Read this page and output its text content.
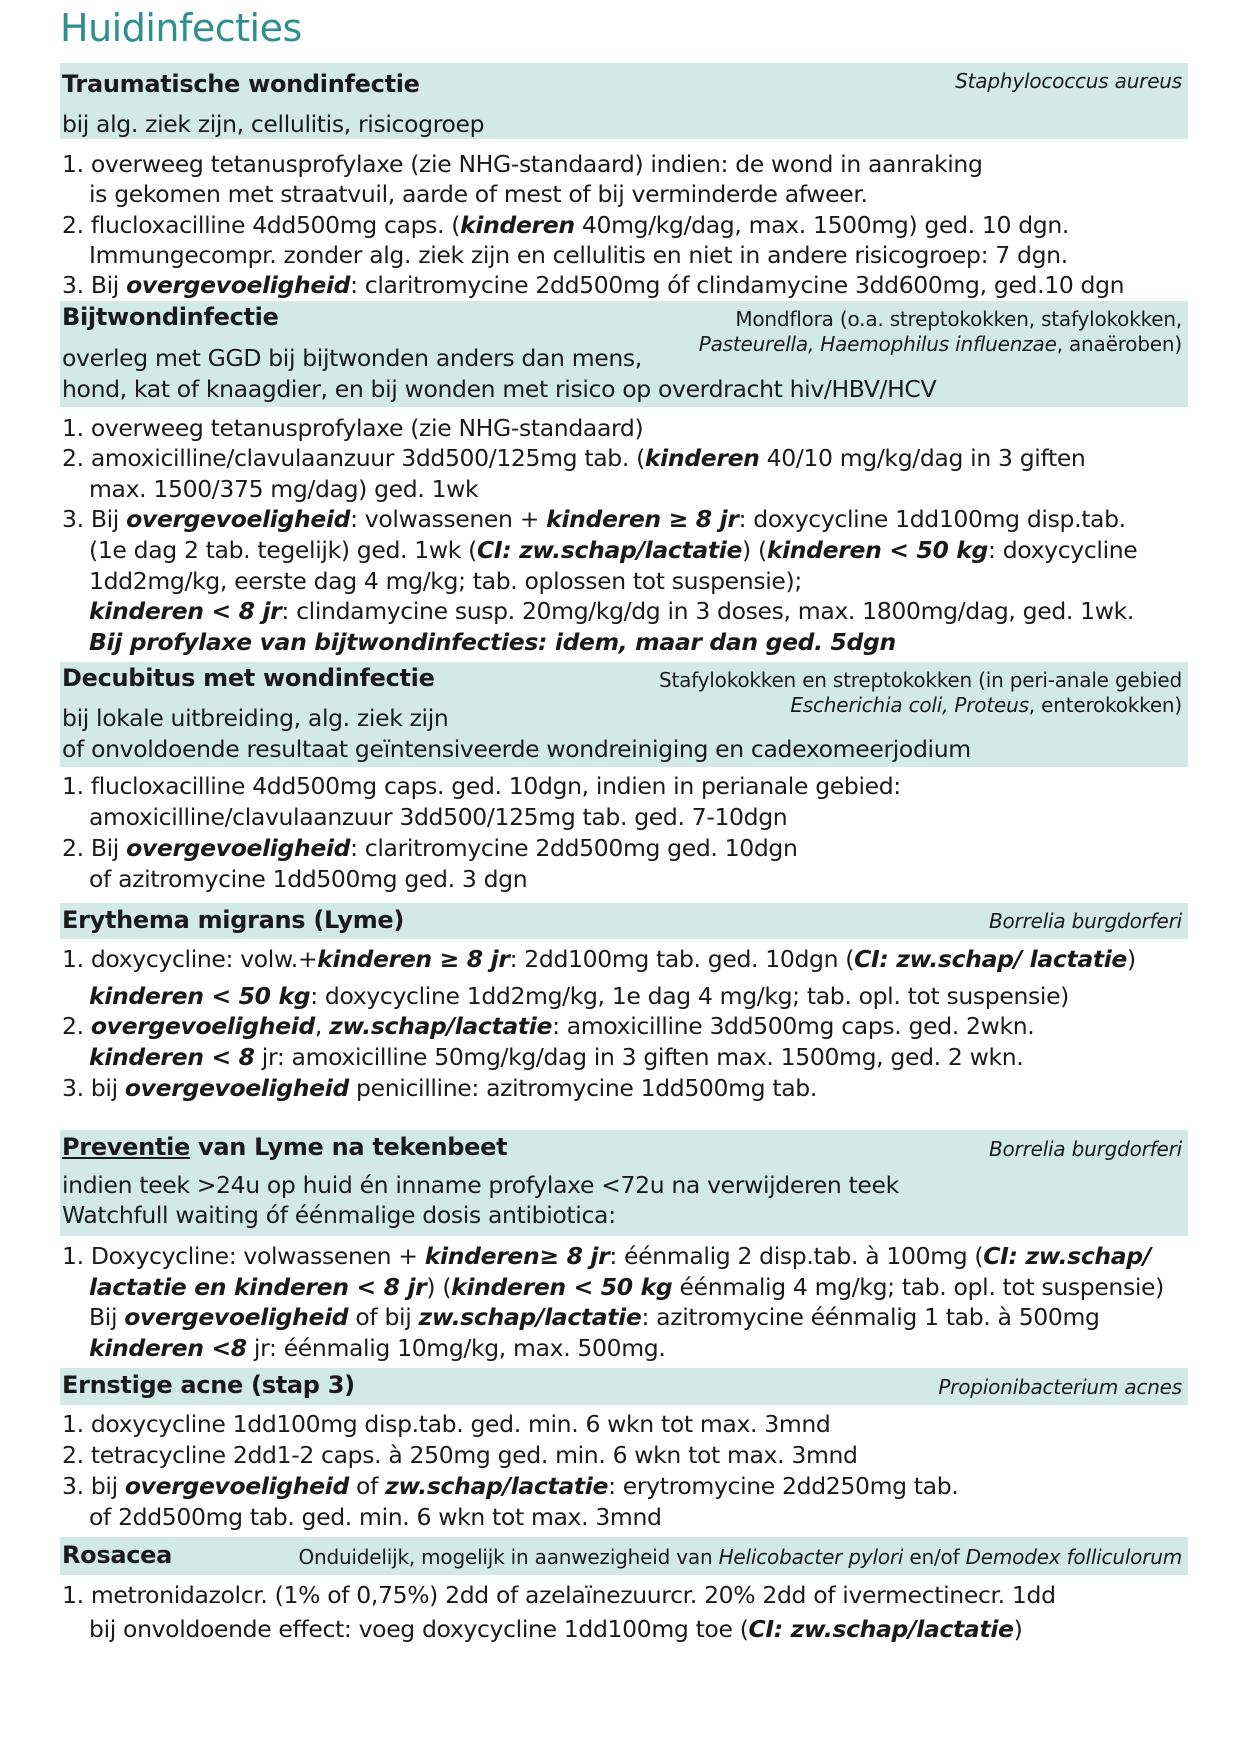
Huidinfecties
Traumatische wondinfectie	Staphylococcus aureus
bij alg. ziek zijn, cellulitis, risicogroep
1. overweeg tetanusprofylaxe (zie NHG-standaard) indien: de wond in aanraking
is gekomen met straatvuil, aarde of mest of bij verminderde afweer.
2. flucloxacilline 4dd500mg caps. (kinderen 40mg/kg/dag, max. 1500mg) ged. 10 dgn.
Immungecompr. zonder alg. ziek zijn en cellulitis en niet in andere risicogroep: 7 dgn.
3. Bij overgevoeligheid: claritromycine 2dd500mg óf clindamycine 3dd600mg, ged.10 dgn
Bijtwondinfectie	Mondflora (o.a. streptokokken, stafylokokken,
Pasteurella, Haemophilus influenzae, anaëroben)
overleg met GGD bij bijtwonden anders dan mens,
hond, kat of knaagdier, en bij wonden met risico op overdracht hiv/HBV/HCV
1. overweeg tetanusprofylaxe (zie NHG-standaard)
2. amoxicilline/clavulaanzuur 3dd500/125mg tab. (kinderen 40/10 mg/kg/dag in 3 giften
max. 1500/375 mg/dag) ged. 1wk
3. Bij overgevoeligheid: volwassenen + kinderen ≥ 8 jr: doxycycline 1dd100mg disp.tab.
(1e dag 2 tab. tegelijk) ged. 1wk (CI: zw.schap/lactatie) (kinderen < 50 kg: doxycycline
1dd2mg/kg, eerste dag 4 mg/kg; tab. oplossen tot suspensie);
kinderen < 8 jr: clindamycine susp. 20mg/kg/dg in 3 doses, max. 1800mg/dag, ged. 1wk.
Bij profylaxe van bijtwondinfecties: idem, maar dan ged. 5dgn
Decubitus met wondinfectie	Stafylokokken en streptokokken (in peri-anale gebied
Escherichia coli, Proteus, enterokokken)
bij lokale uitbreiding, alg. ziek zijn
of onvoldoende resultaat geïntensiveerde wondreiniging en cadexomeerjodium
1. flucloxacilline 4dd500mg caps. ged. 10dgn, indien in perianale gebied:
amoxicilline/clavulaanzuur 3dd500/125mg tab. ged. 7-10dgn
2. Bij overgevoeligheid: claritromycine 2dd500mg ged. 10dgn
of azitromycine 1dd500mg ged. 3 dgn
Erythema migrans (Lyme)	Borrelia burgdorferi
1. doxycycline: volw.+kinderen ≥ 8 jr: 2dd100mg tab. ged. 10dgn (CI: zw.schap/ lactatie)
kinderen < 50 kg: doxycycline 1dd2mg/kg, 1e dag 4 mg/kg; tab. opl. tot suspensie)
2. overgevoeligheid, zw.schap/lactatie: amoxicilline 3dd500mg caps. ged. 2wkn.
kinderen < 8 jr: amoxicilline 50mg/kg/dag in 3 giften max. 1500mg, ged. 2 wkn.
3. bij overgevoeligheid penicilline: azitromycine 1dd500mg tab.
Preventie van Lyme na tekenbeet	Borrelia burgdorferi
indien teek >24u op huid én inname profylaxe <72u na verwijderen teek
Watchfull waiting óf éénmalige dosis antibiotica:
1. Doxycycline: volwassenen + kinderen≥ 8 jr: éénmalig 2 disp.tab. à 100mg (CI: zw.schap/
lactatie en kinderen < 8 jr) (kinderen < 50 kg éénmalig 4 mg/kg; tab. opl. tot suspensie)
Bij overgevoeligheid of bij zw.schap/lactatie: azitromycine éénmalig 1 tab. à 500mg
kinderen <8 jr: éénmalig 10mg/kg, max. 500mg.
Ernstige acne (stap 3)	Propionibacterium acnes
1. doxycycline 1dd100mg disp.tab. ged. min. 6 wkn tot max. 3mnd
2. tetracycline 2dd1-2 caps. à 250mg ged. min. 6 wkn tot max. 3mnd
3. bij overgevoeligheid of zw.schap/lactatie: erytromycine 2dd250mg tab.
of 2dd500mg tab. ged. min. 6 wkn tot max. 3mnd
Rosacea	Onduidelijk, mogelijk in aanwezigheid van Helicobacter pylori en/of Demodex folliculorum
1. metronidazolcr. (1% of 0,75%) 2dd of azelaïnezuurcr. 20% 2dd of ivermectinecr. 1dd
bij onvoldoende effect: voeg doxycycline 1dd100mg toe (CI: zw.schap/lactatie)
